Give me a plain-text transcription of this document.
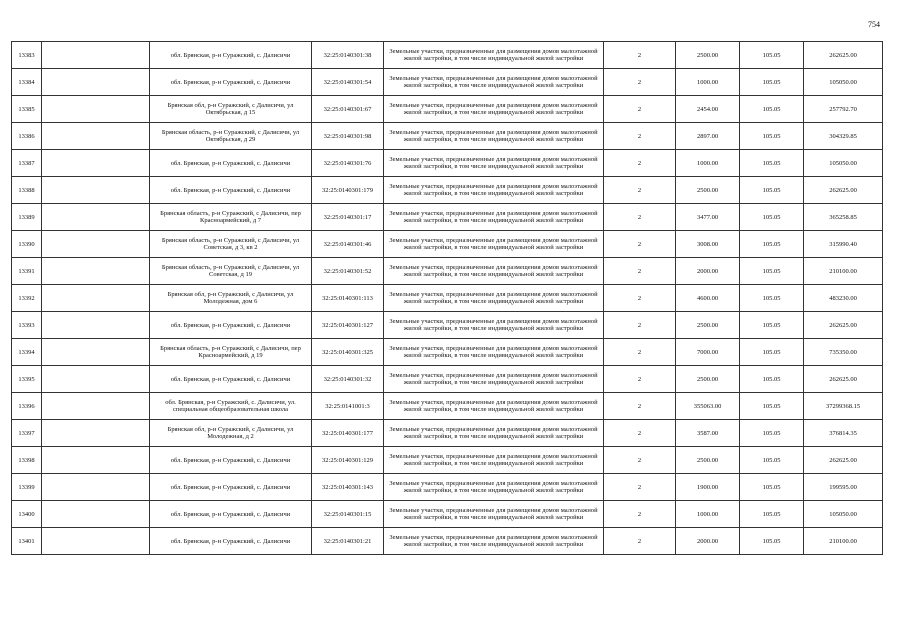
754
13383		обл. Брянская, р-н Суражский, с. Далисичи	32:25:0140301:38	Земельные участки, предназначенные для размещения домов малоэтажной жилой застройки, в том числе индивидуальной жилой застройки	2	2500.00	105.05	262625.00
13384		обл. Брянская, р-н Суражский, с. Далисичи	32:25:0140301:54	Земельные участки, предназначенные для размещения домов малоэтажной жилой застройки, в том числе индивидуальной жилой застройки	2	1000.00	105.05	105050.00
13385		Брянская обл, р-н Суражский, с Далисичи, ул Октябрьская, д 15	32:25:0140301:67	Земельные участки, предназначенные для размещения домов малоэтажной жилой застройки, в том числе индивидуальной жилой застройки	2	2454.00	105.05	257792.70
13386		Брянская область, р-н Суражский, с Далисичи, ул Октябрьская, д 29	32:25:0140301:98	Земельные участки, предназначенные для размещения домов малоэтажной жилой застройки, в том числе индивидуальной жилой застройки	2	2897.00	105.05	304329.85
13387		обл. Брянская, р-н Суражский, с. Далисичи	32:25:0140301:76	Земельные участки, предназначенные для размещения домов малоэтажной жилой застройки, в том числе индивидуальной жилой застройки	2	1000.00	105.05	105050.00
13388		обл. Брянская, р-н Суражский, с. Далисичи	32:25:0140301:179	Земельные участки, предназначенные для размещения домов малоэтажной жилой застройки, в том числе индивидуальной жилой застройки	2	2500.00	105.05	262625.00
13389		Брянская область, р-н Суражский, с Далисичи, пер Красноармейский, д 7	32:25:0140301:17	Земельные участки, предназначенные для размещения домов малоэтажной жилой застройки, в том числе индивидуальной жилой застройки	2	3477.00	105.05	365258.85
13390		Брянская область, р-н Суражский, с Далисичи, ул Советская, д 3, кв 2	32:25:0140301:46	Земельные участки, предназначенные для размещения домов малоэтажной жилой застройки, в том числе индивидуальной жилой застройки	2	3008.00	105.05	315990.40
13391		Брянская область, р-н Суражский, с Далисичи, ул Советская, д 19	32:25:0140301:52	Земельные участки, предназначенные для размещения домов малоэтажной жилой застройки, в том числе индивидуальной жилой застройки	2	2000.00	105.05	210100.00
13392		Брянская обл, р-н Суражский, с Далисичи, ул Молодежная, дом 6	32:25:0140301:113	Земельные участки, предназначенные для размещения домов малоэтажной жилой застройки, в том числе индивидуальной жилой застройки	2	4600.00	105.05	483230.00
13393		обл. Брянская, р-н Суражский, с. Далисичи	32:25:0140301:127	Земельные участки, предназначенные для размещения домов малоэтажной жилой застройки, в том числе индивидуальной жилой застройки	2	2500.00	105.05	262625.00
13394		Брянская область, р-н Суражский, с Далисичи, пер Красноармейский, д 19	32:25:0140301:325	Земельные участки, предназначенные для размещения домов малоэтажной жилой застройки, в том числе индивидуальной жилой застройки	2	7000.00	105.05	735350.00
13395		обл. Брянская, р-н Суражский, с. Далисичи	32:25:0140301:32	Земельные участки, предназначенные для размещения домов малоэтажной жилой застройки, в том числе индивидуальной жилой застройки	2	2500.00	105.05	262625.00
13396		обл. Брянская, р-н Суражский, с. Далисичи, ул. специальная общеобразовательная школа	32:25:0141001:3	Земельные участки, предназначенные для размещения домов малоэтажной жилой застройки, в том числе индивидуальной жилой застройки	2	355063.00	105.05	37299368.15
13397		Брянская обл, р-н Суражский, с Далисичи, ул Молодежная, д 2	32:25:0140301:177	Земельные участки, предназначенные для размещения домов малоэтажной жилой застройки, в том числе индивидуальной жилой застройки	2	3587.00	105.05	376814.35
13398		обл. Брянская, р-н Суражский, с. Далисичи	32:25:0140301:129	Земельные участки, предназначенные для размещения домов малоэтажной жилой застройки, в том числе индивидуальной жилой застройки	2	2500.00	105.05	262625.00
13399		обл. Брянская, р-н Суражский, с. Далисичи	32:25:0140301:143	Земельные участки, предназначенные для размещения домов малоэтажной жилой застройки, в том числе индивидуальной жилой застройки	2	1900.00	105.05	199595.00
13400		обл. Брянская, р-н Суражский, с. Далисичи	32:25:0140301:15	Земельные участки, предназначенные для размещения домов малоэтажной жилой застройки, в том числе индивидуальной жилой застройки	2	1000.00	105.05	105050.00
13401		обл. Брянская, р-н Суражский, с. Далисичи	32:25:0140301:21	Земельные участки, предназначенные для размещения домов малоэтажной жилой застройки, в том числе индивидуальной жилой застройки	2	2000.00	105.05	210100.00
